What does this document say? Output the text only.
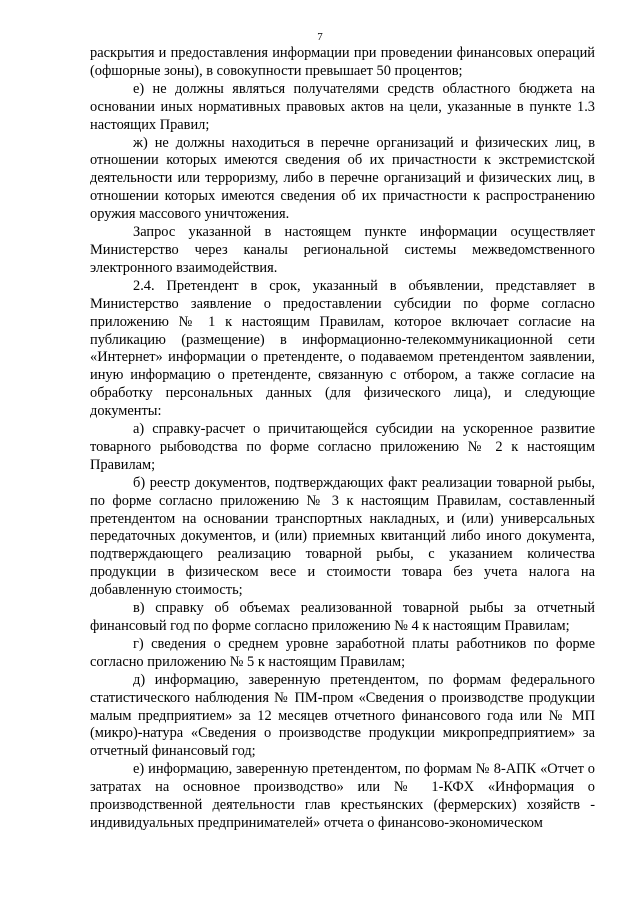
7

раскрытия и предоставления информации при проведении финансовых операций (офшорные зоны), в совокупности превышает 50 процентов;

е) не должны являться получателями средств областного бюджета на основании иных нормативных правовых актов на цели, указанные в пункте 1.3 настоящих Правил;

ж) не должны находиться в перечне организаций и физических лиц, в отношении которых имеются сведения об их причастности к экстремистской деятельности или терроризму, либо в перечне организаций и физических лиц, в отношении которых имеются сведения об их причастности к распространению оружия массового уничтожения.

Запрос указанной в настоящем пункте информации осуществляет Министерство через каналы региональной системы межведомственного электронного взаимодействия.

2.4. Претендент в срок, указанный в объявлении, представляет в Министерство заявление о предоставлении субсидии по форме согласно приложению № 1 к настоящим Правилам, которое включает согласие на публикацию (размещение) в информационно-телекоммуникационной сети «Интернет» информации о претенденте, о подаваемом претендентом заявлении, иную информацию о претенденте, связанную с отбором, а также согласие на обработку персональных данных (для физического лица), и следующие документы:

а) справку-расчет о причитающейся субсидии на ускоренное развитие товарного рыбоводства по форме согласно приложению № 2 к настоящим Правилам;

б) реестр документов, подтверждающих факт реализации товарной рыбы, по форме согласно приложению № 3 к настоящим Правилам, составленный претендентом на основании транспортных накладных, и (или) универсальных передаточных документов, и (или) приемных квитанций либо иного документа, подтверждающего реализацию товарной рыбы, с указанием количества продукции в физическом весе и стоимости товара без учета налога на добавленную стоимость;

в) справку об объемах реализованной товарной рыбы за отчетный финансовый год по форме согласно приложению № 4 к настоящим Правилам;

г) сведения о среднем уровне заработной платы работников по форме согласно приложению № 5 к настоящим Правилам;

д) информацию, заверенную претендентом, по формам федерального статистического наблюдения № ПМ-пром «Сведения о производстве продукции малым предприятием» за 12 месяцев отчетного финансового года или № МП (микро)-натура «Сведения о производстве продукции микропредприятием» за отчетный финансовый год;

е) информацию, заверенную претендентом, по формам № 8-АПК «Отчет о затратах на основное производство» или № 1-КФХ «Информация о производственной деятельности глав крестьянских (фермерских) хозяйств - индивидуальных предпринимателей» отчета о финансово-экономическом
